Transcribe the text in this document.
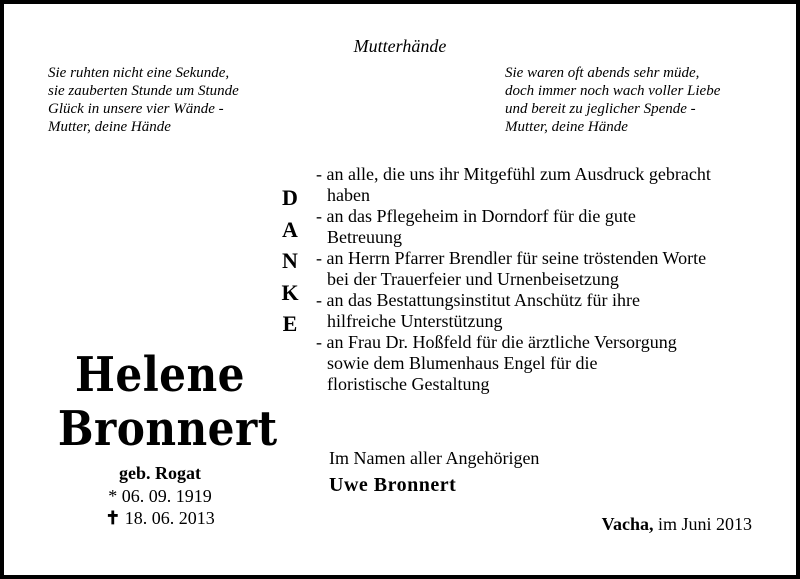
Mutterhände
Sie ruhten nicht eine Sekunde,
sie zauberten Stunde um Stunde
Glück in unsere vier Wände -
Mutter, deine Hände
Sie waren oft abends sehr müde,
doch immer noch wach voller Liebe
und bereit zu jeglicher Spende -
Mutter, deine Hände
D
A
N
K
E
- an alle, die uns ihr Mitgefühl zum Ausdruck gebracht
haben
- an das Pflegeheim in Dorndorf für die gute
Betreuung
- an Herrn Pfarrer Brendler für seine tröstenden Worte
bei der Trauerfeier und Urnenbeisetzung
- an das Bestattungsinstitut Anschütz für ihre
hilfreiche Unterstützung
- an Frau Dr. Hoßfeld für die ärztliche Versorgung
sowie dem Blumenhaus Engel für die
floristische Gestaltung
Helene
Bronnert
geb. Rogat
* 06. 09. 1919
✝ 18. 06. 2013
Im Namen aller Angehörigen
Uwe Bronnert
Vacha, im Juni 2013
